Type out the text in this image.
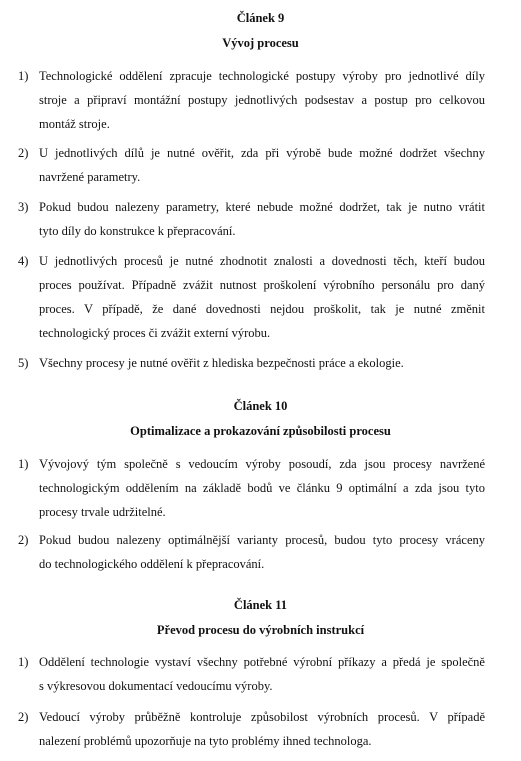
Článek 9
Vývoj procesu
1) Technologické oddělení zpracuje technologické postupy výroby pro jednotlivé díly
stroje a připraví montážní postupy jednotlivých podsestav a postup pro celkovou
montáž stroje.
2) U jednotlivých dílů je nutné ověřit, zda při výrobě bude možné dodržet všechny
navržené parametry.
3) Pokud budou nalezeny parametry, které nebude možné dodržet, tak je nutno vrátit
tyto díly do konstrukce k přepracování.
4) U jednotlivých procesů je nutné zhodnotit znalosti a dovednosti těch, kteří budou
proces používat. Případně zvážit nutnost proškolení výrobního personálu pro daný
proces. V případě, že dané dovednosti nejdou proškolit, tak je nutné změnit
technologický proces či zvážit externí výrobu.
5) Všechny procesy je nutné ověřit z hlediska bezpečnosti práce a ekologie.
Článek 10
Optimalizace a prokazování způsobilosti procesu
1) Vývojový tým společně s vedoucím výroby posoudí, zda jsou procesy navržené
technologickým oddělením na základě bodů ve článku 9 optimální a zda jsou tyto
procesy trvale udržitelné.
2) Pokud budou nalezeny optimálnější varianty procesů, budou tyto procesy vráceny
do technologického oddělení k přepracování.
Článek 11
Převod procesu do výrobních instrukcí
1) Oddělení technologie vystaví všechny potřebné výrobní příkazy a předá je společně
s výkresovou dokumentací vedoucímu výroby.
2) Vedoucí výroby průběžně kontroluje způsobilost výrobních procesů. V případě
nalezení problémů upozorňuje na tyto problémy ihned technologa.
